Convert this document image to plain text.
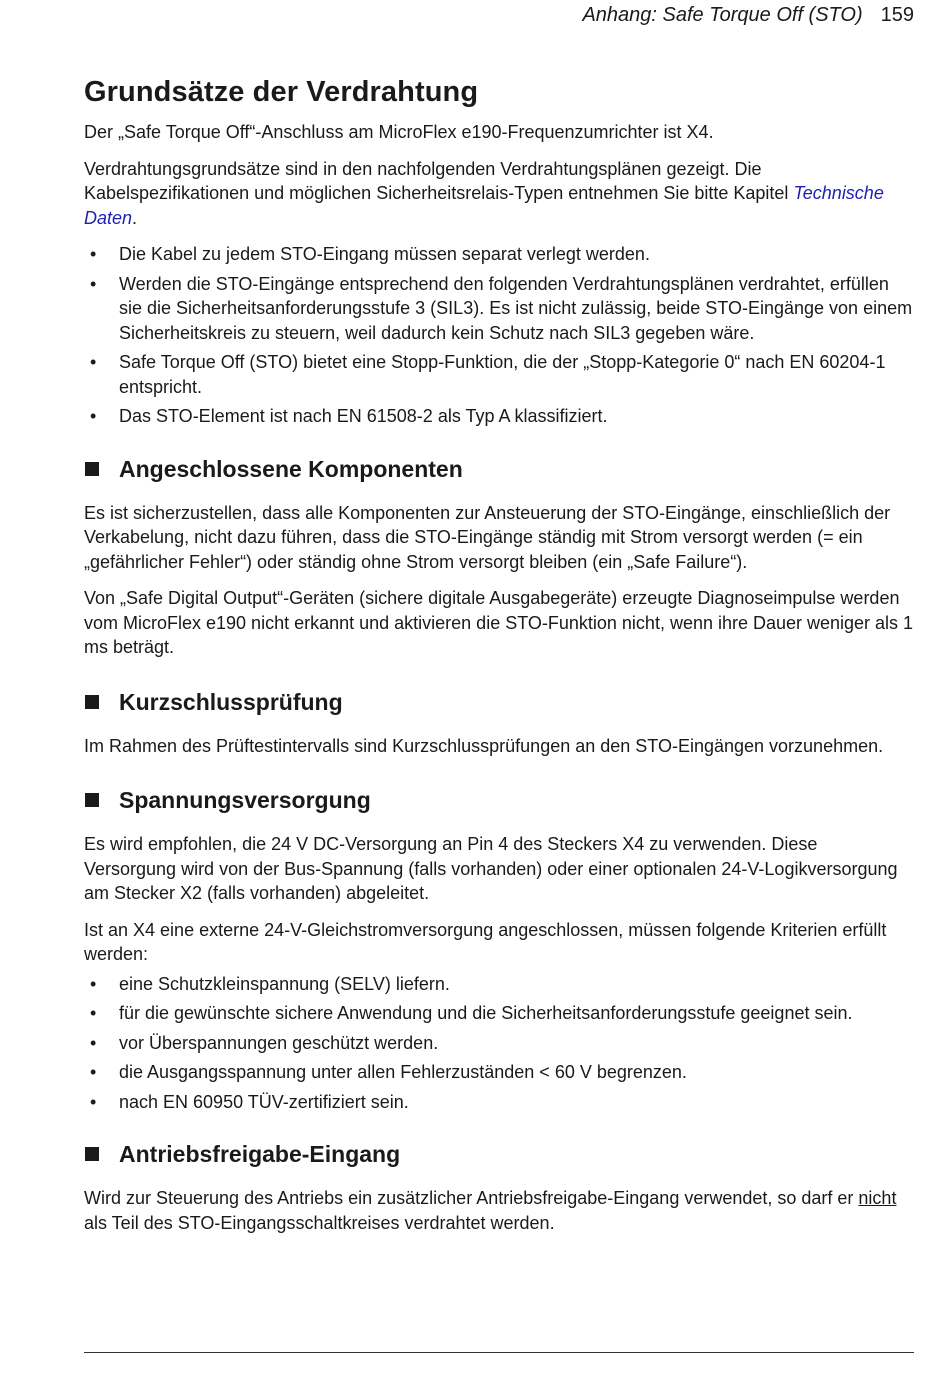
Anhang: Safe Torque Off (STO) 159
Grundsätze der Verdrahtung

Der „Safe Torque Off“-Anschluss am MicroFlex e190-Frequenzumrichter ist X4.

Verdrahtungsgrundsätze sind in den nachfolgenden Verdrahtungsplänen gezeigt. Die Kabelspezifikationen und möglichen Sicherheitsrelais-Typen entnehmen Sie bitte Kapitel Technische Daten.

• Die Kabel zu jedem STO-Eingang müssen separat verlegt werden.
• Werden die STO-Eingänge entsprechend den folgenden Verdrahtungsplänen verdrahtet, erfüllen sie die Sicherheitsanforderungsstufe 3 (SIL3). Es ist nicht zulässig, beide STO-Eingänge von einem Sicherheitskreis zu steuern, weil dadurch kein Schutz nach SIL3 gegeben wäre.
• Safe Torque Off (STO) bietet eine Stopp-Funktion, die der „Stopp-Kategorie 0“ nach EN 60204-1 entspricht.
• Das STO-Element ist nach EN 61508-2 als Typ A klassifiziert.
Angeschlossene Komponenten

Es ist sicherzustellen, dass alle Komponenten zur Ansteuerung der STO-Eingänge, einschließlich der Verkabelung, nicht dazu führen, dass die STO-Eingänge ständig mit Strom versorgt werden (= ein „gefährlicher Fehler“) oder ständig ohne Strom versorgt bleiben (ein „Safe Failure“).

Von „Safe Digital Output“-Geräten (sichere digitale Ausgabegeräte) erzeugte Diagnoseimpulse werden vom MicroFlex e190 nicht erkannt und aktivieren die STO-Funktion nicht, wenn ihre Dauer weniger als 1 ms beträgt.

Kurzschlussprüfung

Im Rahmen des Prüftestintervalls sind Kurzschlussprüfungen an den STO-Eingängen vorzunehmen.

Spannungsversorgung

Es wird empfohlen, die 24 V DC-Versorgung an Pin 4 des Steckers X4 zu verwenden. Diese Versorgung wird von der Bus-Spannung (falls vorhanden) oder einer optionalen 24-V-Logikversorgung am Stecker X2 (falls vorhanden) abgeleitet.

Ist an X4 eine externe 24-V-Gleichstromversorgung angeschlossen, müssen folgende Kriterien erfüllt werden:

• eine Schutzkleinspannung (SELV) liefern.
• für die gewünschte sichere Anwendung und die Sicherheitsanforderungsstufe geeignet sein.
• vor Überspannungen geschützt werden.
• die Ausgangsspannung unter allen Fehlerzuständen < 60 V begrenzen.
• nach EN 60950 TÜV-zertifiziert sein.
Antriebsfreigabe-Eingang

Wird zur Steuerung des Antriebs ein zusätzlicher Antriebsfreigabe-Eingang verwendet, so darf er nicht als Teil des STO-Eingangsschaltkreises verdrahtet werden.
